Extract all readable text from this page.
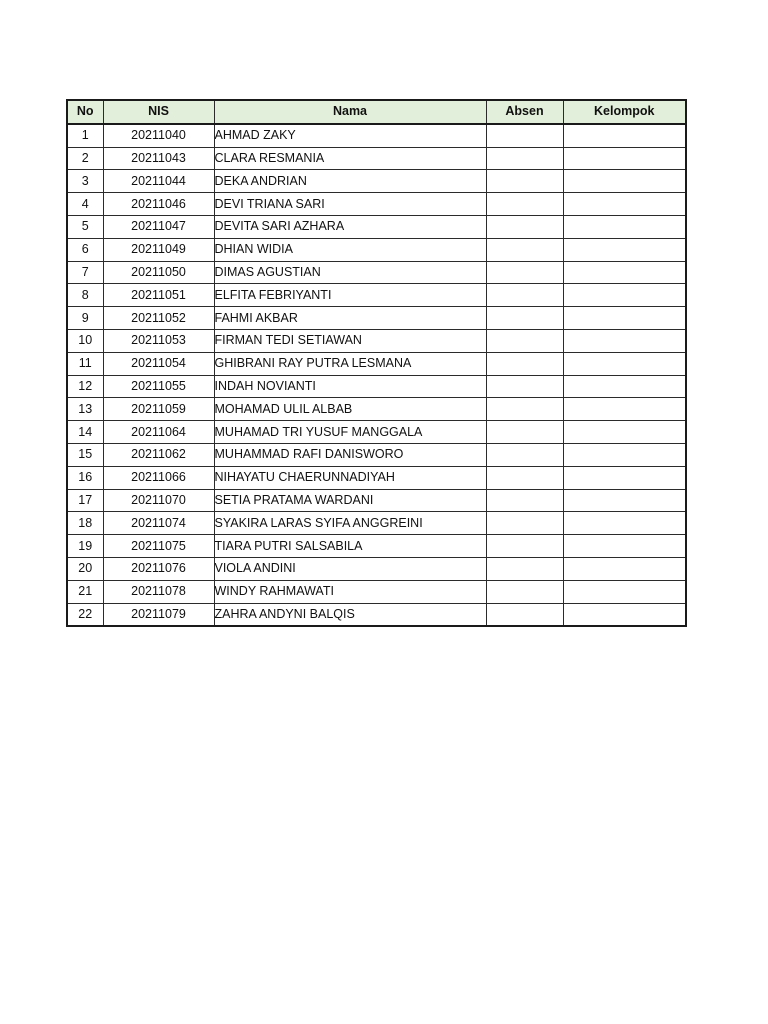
No	NIS	Nama	Absen	Kelompok
1	20211040	AHMAD ZAKY		
2	20211043	CLARA RESMANIA		
3	20211044	DEKA ANDRIAN		
4	20211046	DEVI TRIANA SARI		
5	20211047	DEVITA SARI AZHARA		
6	20211049	DHIAN WIDIA		
7	20211050	DIMAS AGUSTIAN		
8	20211051	ELFITA FEBRIYANTI		
9	20211052	FAHMI AKBAR		
10	20211053	FIRMAN TEDI SETIAWAN		
11	20211054	GHIBRANI RAY PUTRA LESMANA		
12	20211055	INDAH NOVIANTI		
13	20211059	MOHAMAD ULIL ALBAB		
14	20211064	MUHAMAD TRI YUSUF MANGGALA		
15	20211062	MUHAMMAD RAFI DANISWORO		
16	20211066	NIHAYATU CHAERUNNADIYAH		
17	20211070	SETIA PRATAMA WARDANI		
18	20211074	SYAKIRA LARAS SYIFA ANGGREINI		
19	20211075	TIARA PUTRI SALSABILA		
20	20211076	VIOLA ANDINI		
21	20211078	WINDY RAHMAWATI		
22	20211079	ZAHRA ANDYNI BALQIS		
